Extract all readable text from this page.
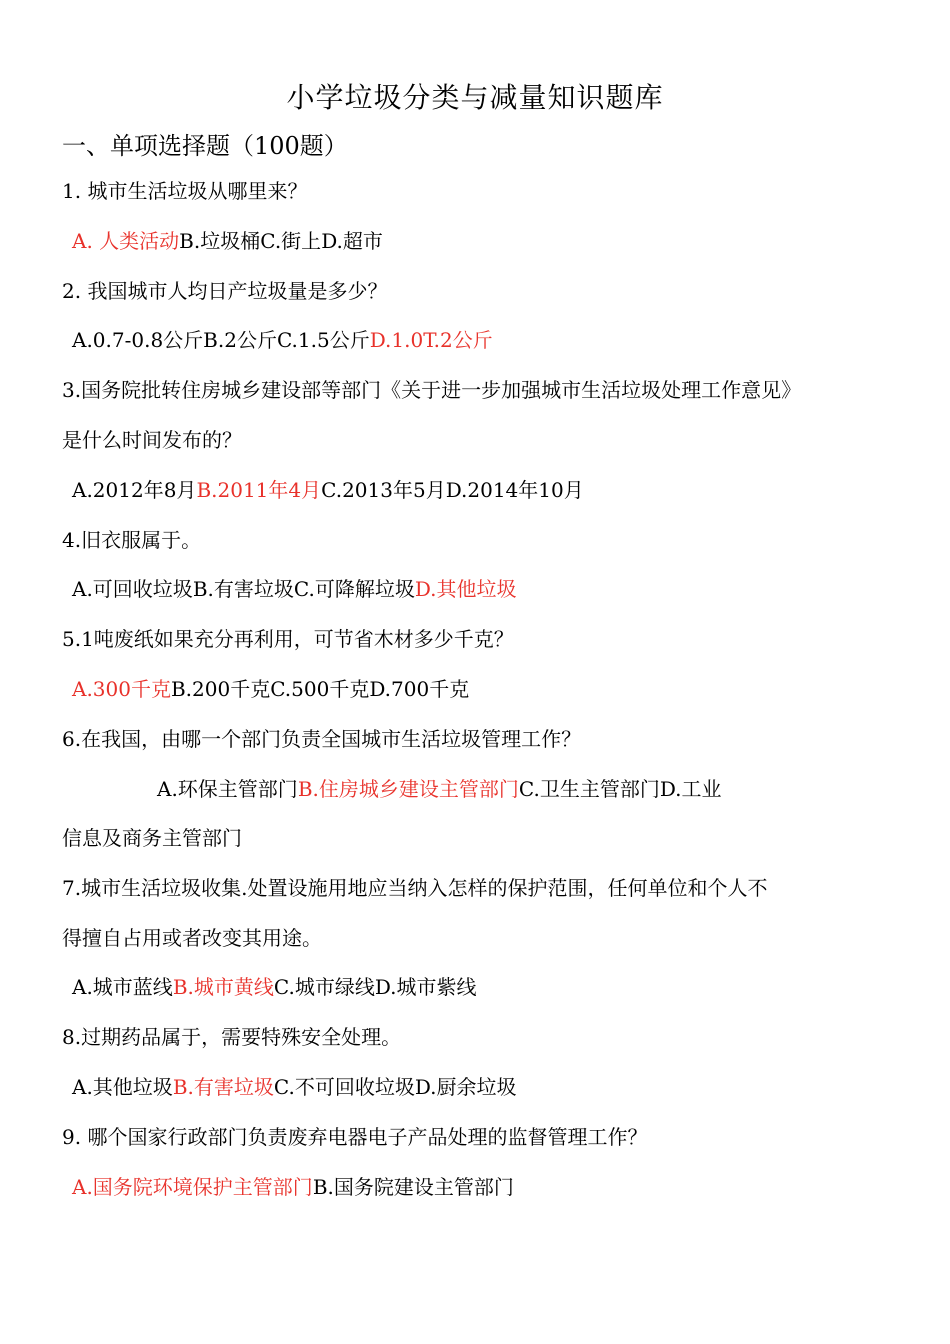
小学垃圾分类与减量知识题库
一、单项选择题（100题）
1. 城市生活垃圾从哪里来？
A. 人类活动B.垃圾桶C.街上D.超市
2. 我国城市人均日产垃圾量是多少？
A.0.7-0.8公斤B.2公斤C.1.5公斤D.1.0T.2公斤
3.国务院批转住房城乡建设部等部门《关于进一步加强城市生活垃圾处理工作意见》
是什么时间发布的？
A.2012年8月B.2011年4月C.2013年5月D.2014年10月
4.旧衣服属于。
A.可回收垃圾B.有害垃圾C.可降解垃圾D.其他垃圾
5.1吨废纸如果充分再利用，可节省木材多少千克？
A.300千克B.200千克C.500千克D.700千克
6.在我国，由哪一个部门负责全国城市生活垃圾管理工作？
A.环保主管部门B.住房城乡建设主管部门C.卫生主管部门D.工业
信息及商务主管部门
7.城市生活垃圾收集.处置设施用地应当纳入怎样的保护范围，任何单位和个人不
得擅自占用或者改变其用途。
A.城市蓝线B.城市黄线C.城市绿线D.城市紫线
8.过期药品属于，需要特殊安全处理。
A.其他垃圾B.有害垃圾C.不可回收垃圾D.厨余垃圾
9. 哪个国家行政部门负责废弃电器电子产品处理的监督管理工作？
A.国务院环境保护主管部门B.国务院建设主管部门
